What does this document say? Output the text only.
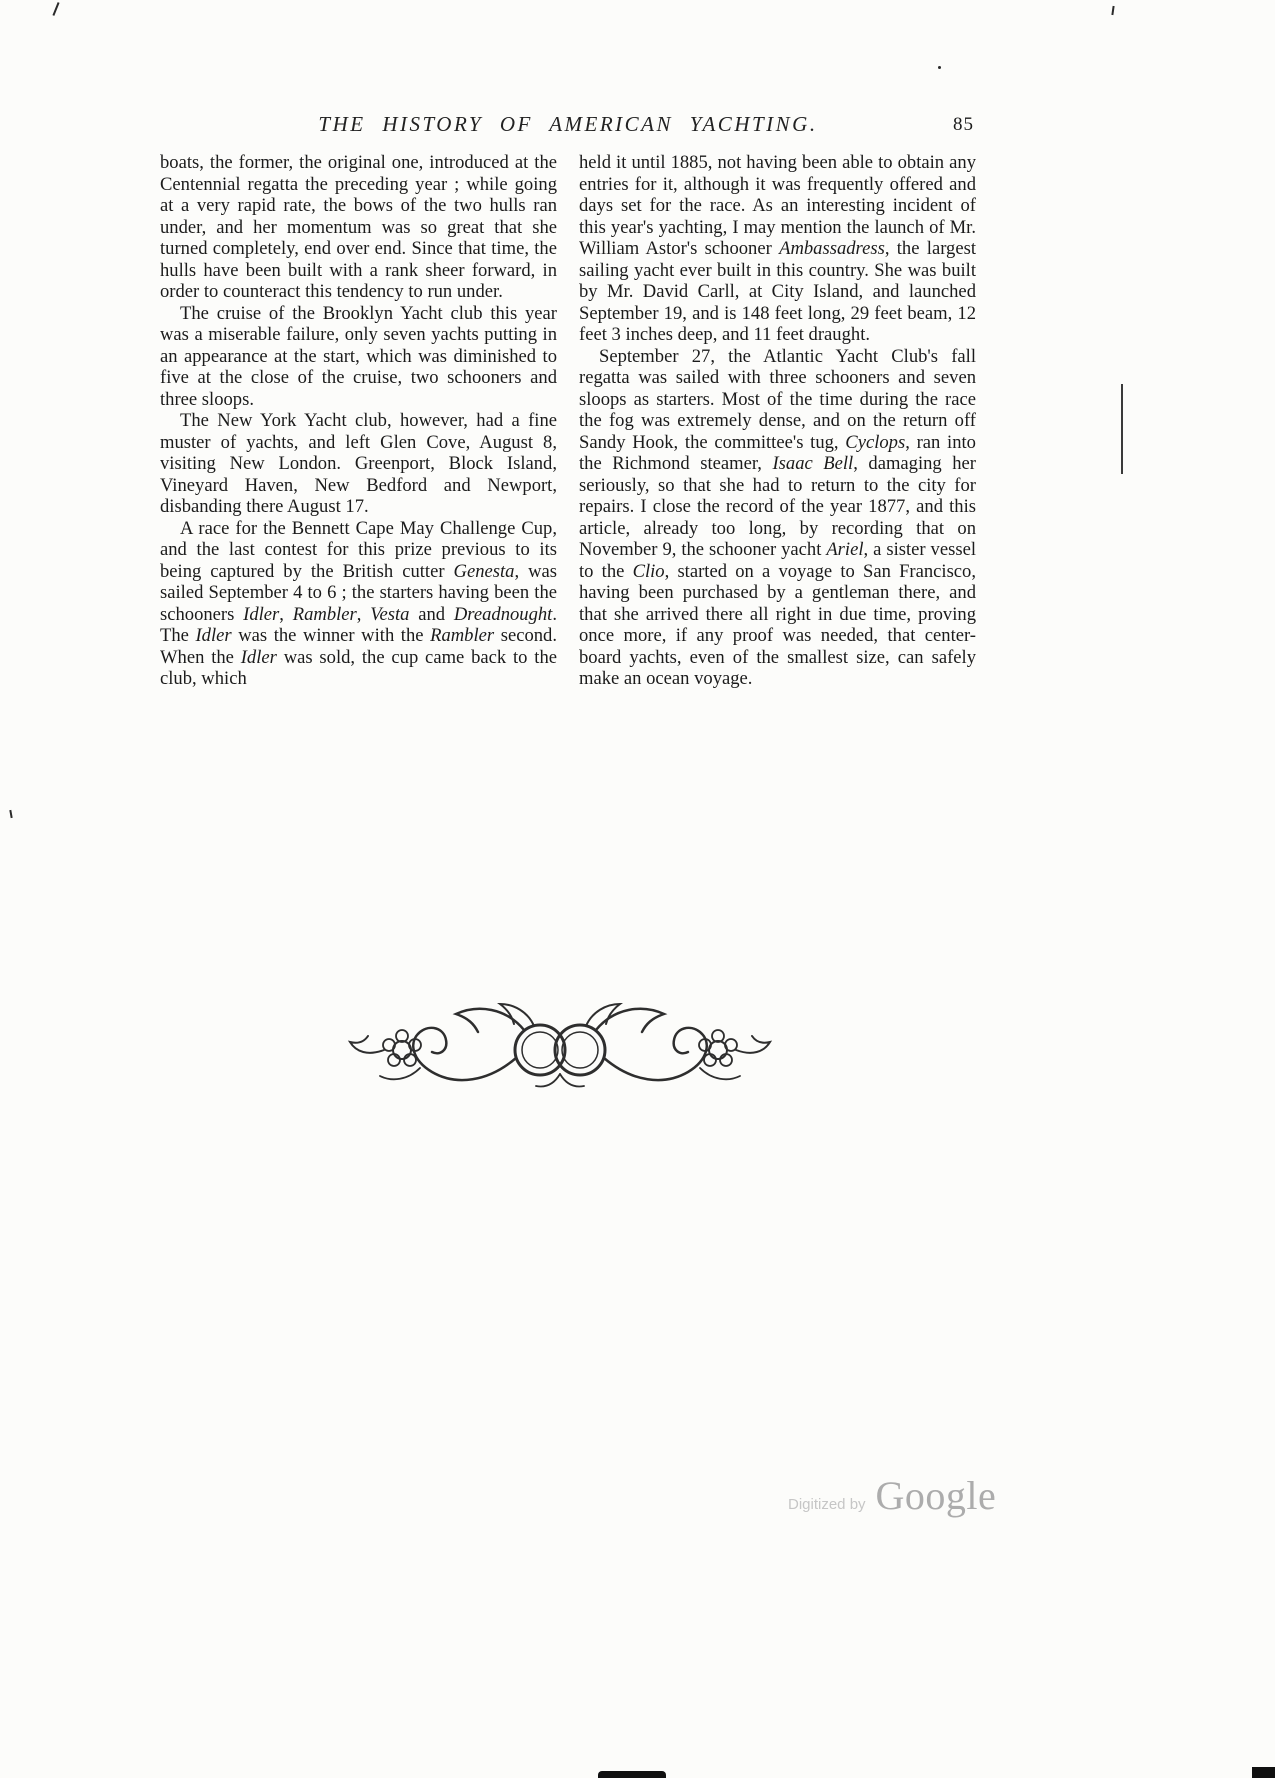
THE HISTORY OF AMERICAN YACHTING.	85

boats, the former, the original one, introduced at the Centennial regatta the preceding year ; while going at a very rapid rate, the bows of the two hulls ran under, and her momentum was so great that she turned completely, end over end. Since that time, the hulls have been built with a rank sheer forward, in order to counteract this tendency to run under.

The cruise of the Brooklyn Yacht club this year was a miserable failure, only seven yachts putting in an appearance at the start, which was diminished to five at the close of the cruise, two schooners and three sloops.

The New York Yacht club, however, had a fine muster of yachts, and left Glen Cove, August 8, visiting New London. Greenport, Block Island, Vineyard Haven, New Bedford and Newport, disbanding there August 17.

A race for the Bennett Cape May Challenge Cup, and the last contest for this prize previous to its being captured by the British cutter Genesta, was sailed September 4 to 6 ; the starters having been the schooners Idler, Rambler, Vesta and Dreadnought. The Idler was the winner with the Rambler second. When the Idler was sold, the cup came back to the club, which

held it until 1885, not having been able to obtain any entries for it, although it was frequently offered and days set for the race. As an interesting incident of this year's yachting, I may mention the launch of Mr. William Astor's schooner Ambassadress, the largest sailing yacht ever built in this country. She was built by Mr. David Carll, at City Island, and launched September 19, and is 148 feet long, 29 feet beam, 12 feet 3 inches deep, and 11 feet draught.

September 27, the Atlantic Yacht Club's fall regatta was sailed with three schooners and seven sloops as starters. Most of the time during the race the fog was extremely dense, and on the return off Sandy Hook, the committee's tug, Cyclops, ran into the Richmond steamer, Isaac Bell, damaging her seriously, so that she had to return to the city for repairs. I close the record of the year 1877, and this article, already too long, by recording that on November 9, the schooner yacht Ariel, a sister vessel to the Clio, started on a voyage to San Francisco, having been purchased by a gentleman there, and that she arrived there all right in due time, proving once more, if any proof was needed, that center-board yachts, even of the smallest size, can safely make an ocean voyage.

Digitized by Google
